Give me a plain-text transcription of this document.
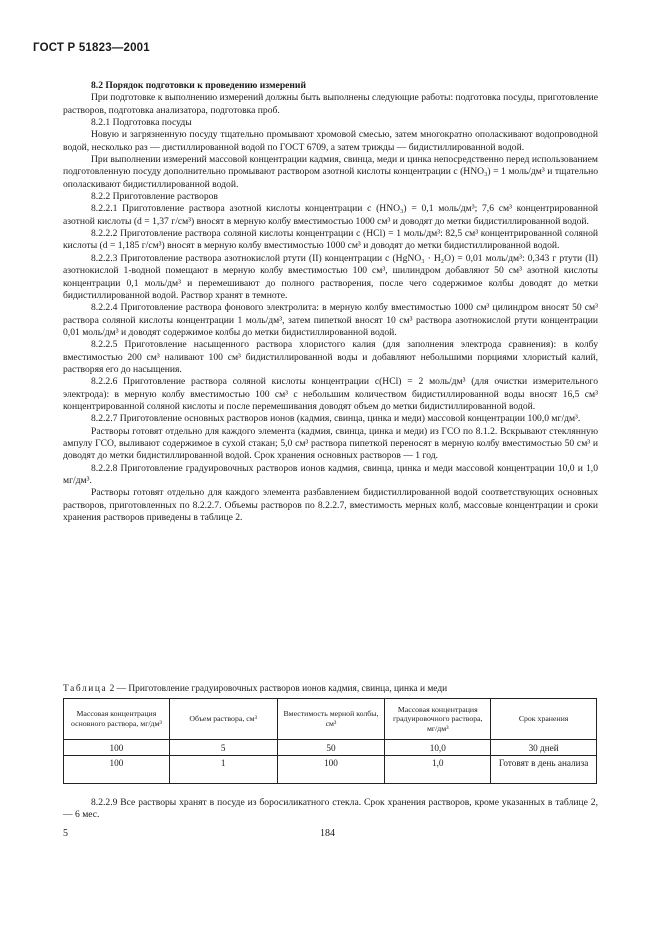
ГОСТ Р 51823—2001

8.2 Порядок подготовки к проведению измерений

При подготовке к выполнению измерений должны быть выполнены следующие работы: подготовка посуды, приготовление растворов, подготовка анализатора, подготовка проб.

8.2.1 Подготовка посуды

Новую и загрязненную посуду тщательно промывают хромовой смесью, затем многократно ополаскивают водопроводной водой, несколько раз — дистиллированной водой по ГОСТ 6709, а затем трижды — бидистиллированной водой.

При выполнении измерений массовой концентрации кадмия, свинца, меди и цинка непосредственно перед использованием подготовленную посуду дополнительно промывают раствором азотной кислоты концентрации c (HNO₃) = 1 моль/дм³ и тщательно ополаскивают бидистиллированной водой.

8.2.2 Приготовление растворов

8.2.2.1 Приготовление раствора азотной кислоты концентрации c (HNO₃) = 0,1 моль/дм³; 7,6 см³ концентрированной азотной кислоты (d = 1,37 г/см³) вносят в мерную колбу вместимостью 1000 см³ и доводят до метки бидистиллированной водой.

8.2.2.2 Приготовление раствора соляной кислоты концентрации c (HCl) = 1 моль/дм³: 82,5 см³ концентрированной соляной кислоты (d = 1,185 г/см³) вносят в мерную колбу вместимостью 1000 см³ и доводят до метки бидистиллированной водой.

8.2.2.3 Приготовление раствора азотнокислой ртути (II) концентрации c (HgNO₃ · H₂O) = 0,01 моль/дм³: 0,343 г ртути (II) азотнокислой 1-водной помещают в мерную колбу вместимостью 100 см³, шилиндром добавляют 50 см³ азотной кислоты концентрации 0,1 моль/дм³ и перемешивают до полного растворения, после чего содержимое колбы доводят до метки бидистиллированной водой. Раствор хранят в темноте.

8.2.2.4 Приготовление раствора фонового электролита: в мерную колбу вместимостью 1000 см³ цилиндром вносят 50 см³ раствора соляной кислоты концентрации 1 моль/дм³, затем пипеткой вносят 10 см³ раствора азотнокислой ртути концентрации 0,01 моль/дм³ и доводят содержимое колбы до метки бидистиллированной водой.

8.2.2.5 Приготовление насыщенного раствора хлористого калия (для заполнения электрода сравнения): в колбу вместимостью 200 см³ наливают 100 см³ бидистиллированной воды и добавляют небольшими порциями хлористый калий, растворяя его до насыщения.

8.2.2.6 Приготовление раствора соляной кислоты концентрации c(HCl) = 2 моль/дм³ (для очистки измерительного электрода): в мерную колбу вместимостью 100 см³ с небольшим количеством бидистиллированной воды вносят 16,5 см³ концентрированной соляной кислоты и после перемешивания доводят объем до метки бидистиллированной водой.

8.2.2.7 Приготовление основных растворов ионов (кадмия, свинца, цинка и меди) массовой концентрации 100,0 мг/дм³.

Растворы готовят отдельно для каждого элемента (кадмия, свинца, цинка и меди) из ГСО по 8.1.2. Вскрывают стеклянную ампулу ГСО, выливают содержимое в сухой стакан; 5,0 см³ раствора пипеткой переносят в мерную колбу вместимостью 50 см³ и доводят до метки бидистиллированной водой. Срок хранения основных растворов — 1 год.

8.2.2.8 Приготовление градуировочных растворов ионов кадмия, свинца, цинка и меди массовой концентрации 10,0 и 1,0 мг/дм³.

Растворы готовят отдельно для каждого элемента разбавлением бидистиллированной водой соответствующих основных растворов, приготовленных по 8.2.2.7. Объемы растворов по 8.2.2.7, вместимость мерных колб, массовые концентрации и сроки хранения растворов приведены в таблице 2.

Таблица 2 — Приготовление градуировочных растворов ионов кадмия, свинца, цинка и меди
Массовая концентрация основного раствора, мг/дм³	Объем раствора, см³	Вместимость мерной колбы, см³	Массовая концентрация градуировочного раствора, мг/дм³	Срок хранения
100	5	50	10,0	30 дней
100	1	100	1,0	Готовят в день анализа

8.2.2.9 Все растворы хранят в посуде из боросиликатного стекла. Срок хранения растворов, кроме указанных в таблице 2, — 6 мес.

5	184
